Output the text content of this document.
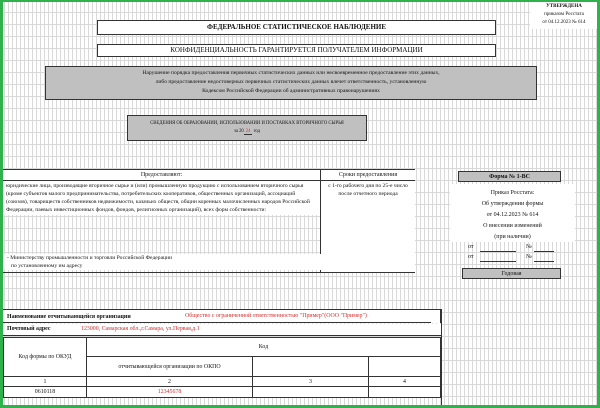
УТВЕРЖДЕНА
приказом Росстата
от 04.12.2023 № 614
ФЕДЕРАЛЬНОЕ СТАТИСТИЧЕСКОЕ НАБЛЮДЕНИЕ
КОНФИДЕНЦИАЛЬНОСТЬ ГАРАНТИРУЕТСЯ ПОЛУЧАТЕЛЕМ ИНФОРМАЦИИ
Нарушение порядка предоставления первичных статистических данных или несвоевременное предоставление этих данных,
либо предоставление недостоверных первичных статистических данных влечет ответственность, установленную
Кодексом Российской Федерации об административных правонарушениях
СВЕДЕНИЯ ОБ ОБРАЗОВАНИИ, ИСПОЛЬЗОВАНИИ И ПОСТАВКАХ ВТОРИЧНОГО СЫРЬЯ
за 20 24 год
Предоставляют:
юридические лица, производящие вторичное сырье и (или) промышленную продукцию с использованием вторичного сырья (кроме субъектов малого предпринимательства, потребительских кооперативов, общественных организаций, ассоциаций (союзов), товариществ собственников недвижимости, казачьих обществ, общин коренных малочисленных народов Российской Федерации, паевых инвестиционных фондов, фондов, религиозных организаций), всех форм собственности:
- Министерству промышленности и торговли Российской Федерации
по установленному им адресу
Сроки предоставления
с 1-го рабочего дня по 25-е число после отчетного периода
Форма № 1-ВС
Приказ Росстата:
Об утверждении формы
от 04.12.2023 № 614
О внесении изменений
(при наличии)
от	№
от	№
Годовая
Наименование отчитывающейся организации	Общество с ограниченной ответственностью "Пример"(ООО "Пример")
Почтовый адрес	123000, Самарская обл.,г.Самара, ул.Первая,д.1
Код формы по ОКУД	Код		
	отчитывающейся организации по ОКПО		
1	2	3	4
0610118	12345678		
